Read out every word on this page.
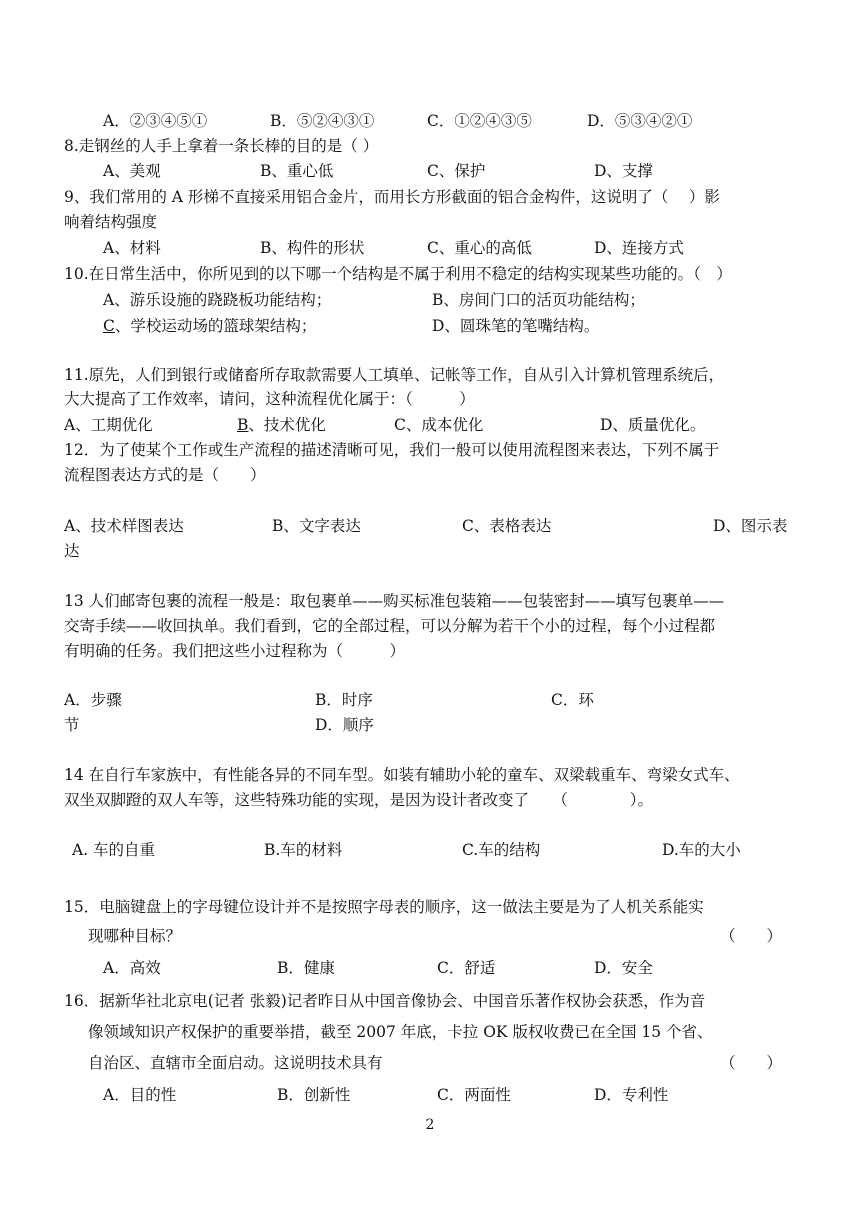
A．②③④⑤①	B．⑤②④③①	C．①②④③⑤	D．⑤③④②①
8.走钢丝的人手上拿着一条长棒的目的是（ ）
A、美观	B、重心低	C、保护	D、支撑
9、我们常用的 A 形梯不直接采用铝合金片，而用长方形截面的铝合金构件，这说明了（　 ）影
响着结构强度
A、材料	B、构件的形状	C、重心的高低	D、连接方式
10.在日常生活中，你所见到的以下哪一个结构是不属于利用不稳定的结构实现某些功能的。（　）
A、游乐设施的跷跷板功能结构；	B、房间门口的活页功能结构；
C、学校运动场的篮球架结构；	D、圆珠笔的笔嘴结构。
11.原先，人们到银行或储畜所存取款需要人工填单、记帐等工作，自从引入计算机管理系统后，
大大提高了工作效率，请问，这种流程优化属于：（　　　）
A、工期优化	B、技术优化	C、成本优化	D、质量优化。
12．为了使某个工作或生产流程的描述清晰可见，我们一般可以使用流程图来表达，下列不属于
流程图表达方式的是（　　）
A、技术样图表达	B、文字表达	C、表格表达	D、图示表
达
13 人们邮寄包裹的流程一般是：取包裹单——购买标准包装箱——包装密封——填写包裹单——
交寄手续——收回执单。我们看到，它的全部过程，可以分解为若干个小的过程，每个小过程都
有明确的任务。我们把这些小过程称为（　　　）
A．步骤	B．时序	C．环
节	D．顺序
14 在自行车家族中，有性能各异的不同车型。如装有辅助小轮的童车、双梁载重车、弯梁女式车、
双坐双脚蹬的双人车等，这些特殊功能的实现，是因为设计者改变了　　（　　　　）。
A. 车的自重	B.车的材料	C.车的结构	D.车的大小
15．电脑键盘上的字母键位设计并不是按照字母表的顺序，这一做法主要是为了人机关系能实
现哪种目标？	（　　）
A．高效	B．健康	C．舒适	D．安全
16．据新华社北京电(记者 张毅)记者昨日从中国音像协会、中国音乐著作权协会获悉，作为音
像领域知识产权保护的重要举措，截至 2007 年底，卡拉 OK 版权收费已在全国 15 个省、
自治区、直辖市全面启动。这说明技术具有	（　　）
A．目的性	B．创新性	C．两面性	D．专利性
2
